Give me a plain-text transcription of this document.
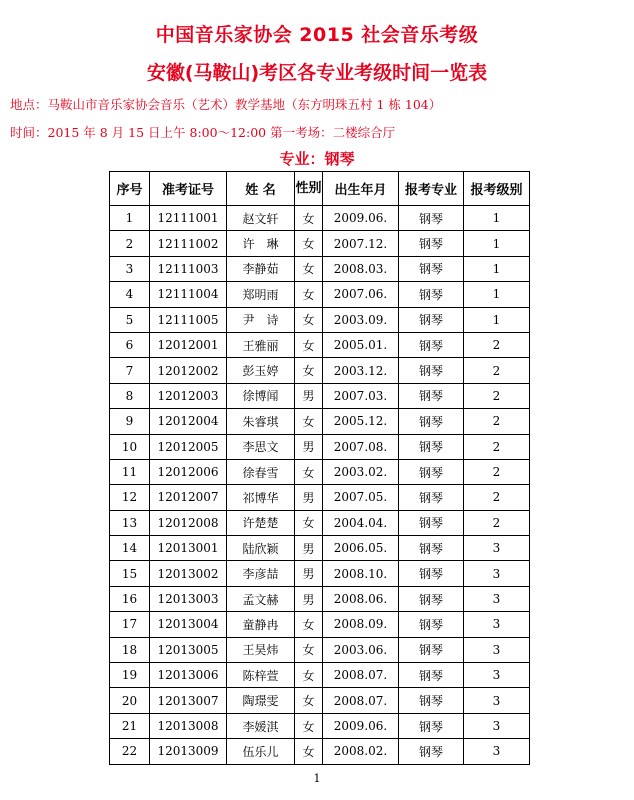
中国音乐家协会 2015 社会音乐考级
安徽(马鞍山)考区各专业考级时间一览表
地点：马鞍山市音乐家协会音乐（艺术）教学基地（东方明珠五村 1 栋 104）
时间：2015 年 8 月 15 日上午 8:00～12:00 第一考场：二楼综合厅
专业：钢琴
序号	准考证号	姓 名	性别	出生年月	报考专业	报考级别
1	12111001	赵文轩	女	2009.06.	钢琴	1
2	12111002	许　琳	女	2007.12.	钢琴	1
3	12111003	李静茹	女	2008.03.	钢琴	1
4	12111004	郑明雨	女	2007.06.	钢琴	1
5	12111005	尹　诗	女	2003.09.	钢琴	1
6	12012001	王雅丽	女	2005.01.	钢琴	2
7	12012002	彭玉婷	女	2003.12.	钢琴	2
8	12012003	徐博闻	男	2007.03.	钢琴	2
9	12012004	朱睿琪	女	2005.12.	钢琴	2
10	12012005	李思文	男	2007.08.	钢琴	2
11	12012006	徐春雪	女	2003.02.	钢琴	2
12	12012007	祁博华	男	2007.05.	钢琴	2
13	12012008	许楚楚	女	2004.04.	钢琴	2
14	12013001	陆欣颖	男	2006.05.	钢琴	3
15	12013002	李彦喆	男	2008.10.	钢琴	3
16	12013003	孟文赫	男	2008.06.	钢琴	3
17	12013004	童静冉	女	2008.09.	钢琴	3
18	12013005	王昊炜	女	2003.06.	钢琴	3
19	12013006	陈梓萱	女	2008.07.	钢琴	3
20	12013007	陶璟雯	女	2008.07.	钢琴	3
21	12013008	李媛淇	女	2009.06.	钢琴	3
22	12013009	伍乐儿	女	2008.02.	钢琴	3
1
